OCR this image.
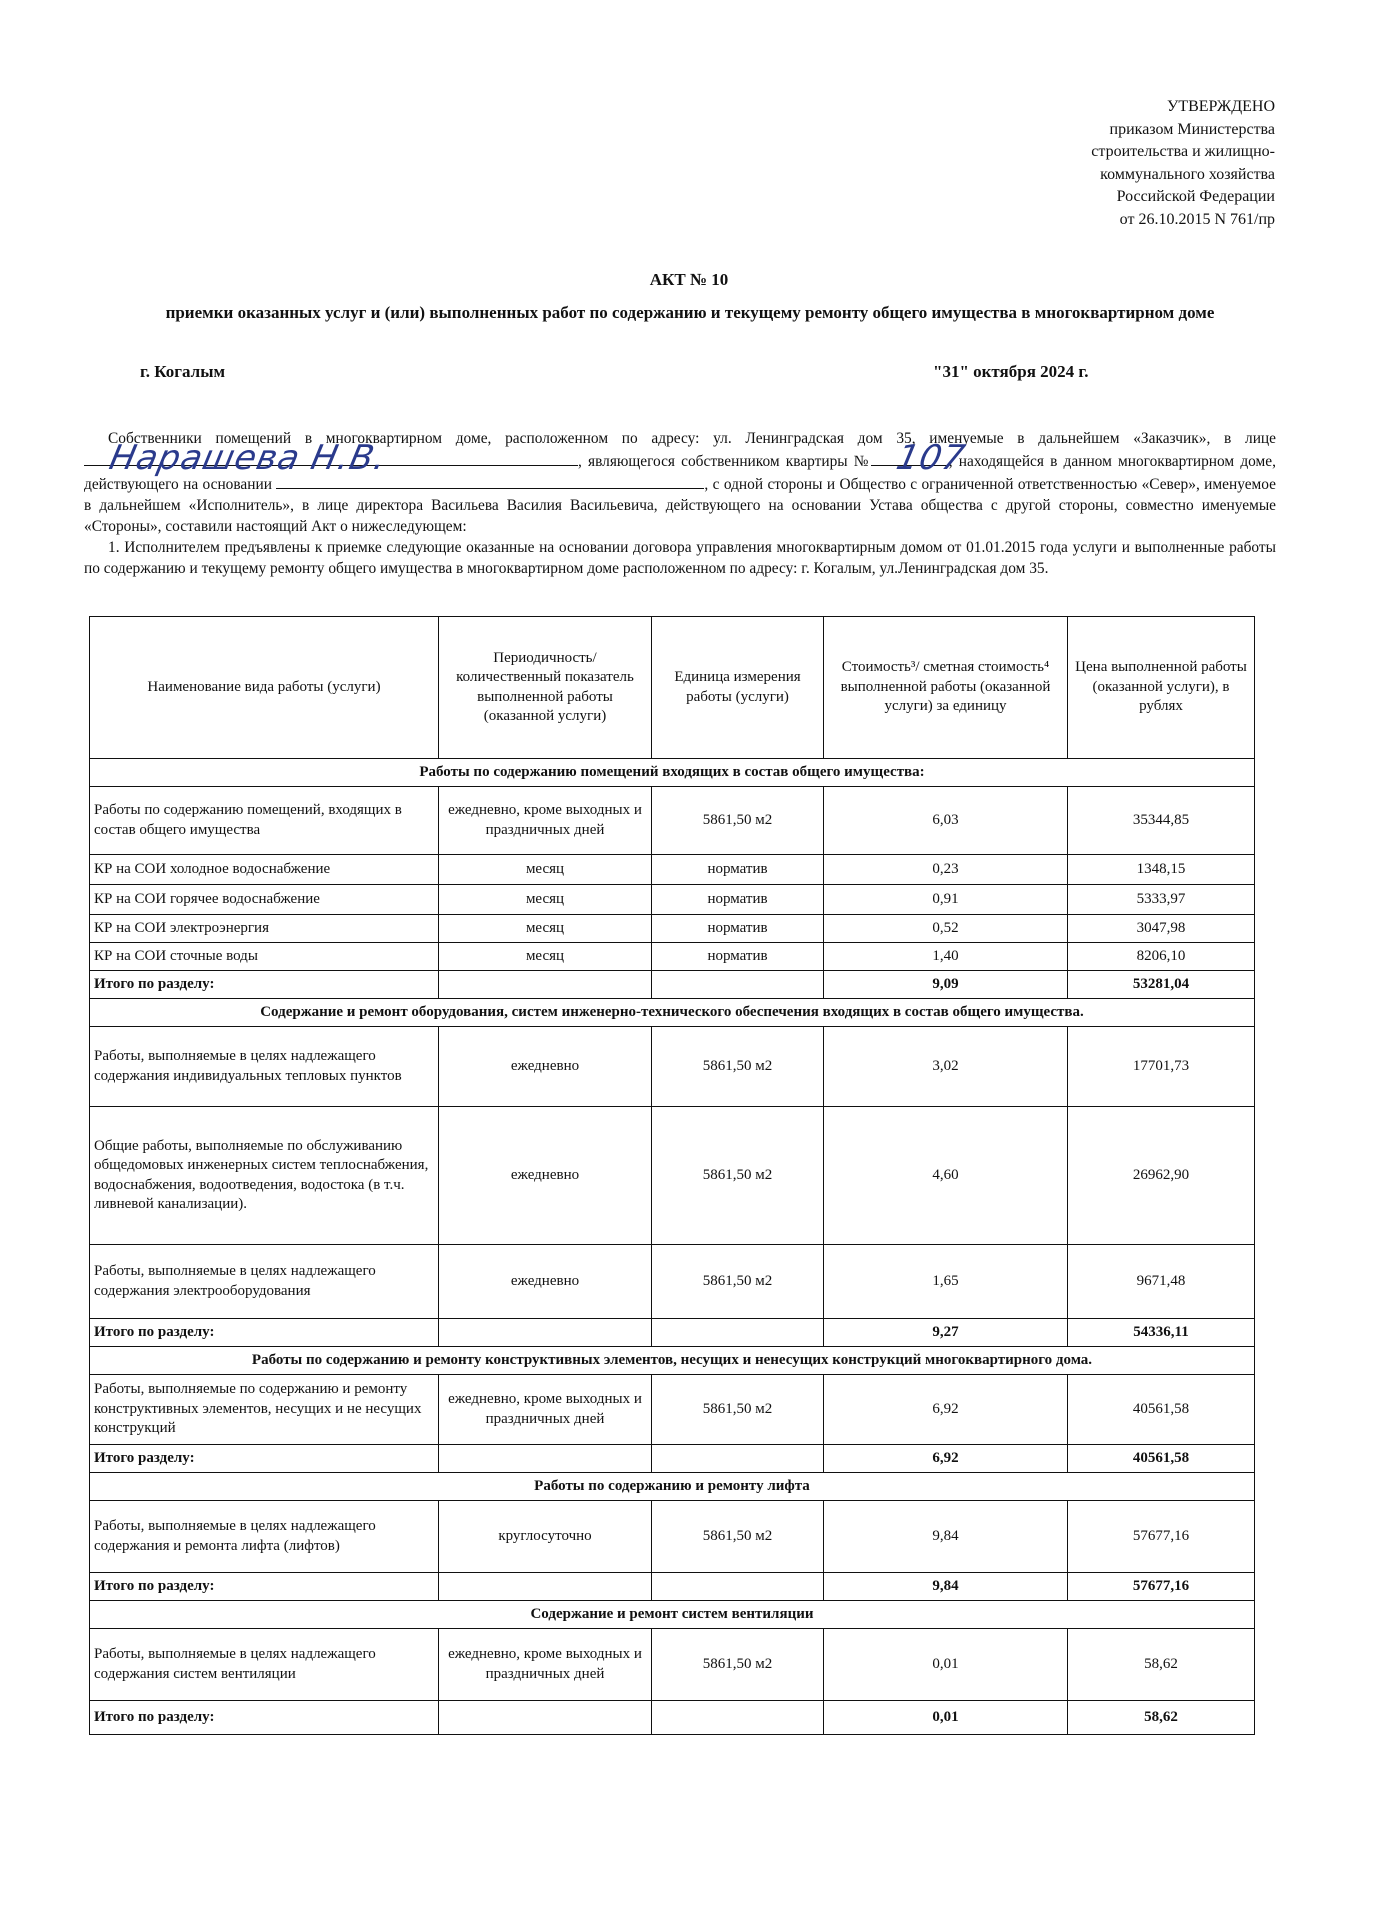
УТВЕРЖДЕНО
приказом Министерства
строительства и жилищно-
коммунального хозяйства
Российской Федерации
от 26.10.2015 N 761/пр
АКТ № 10
приемки оказанных услуг и (или) выполненных работ по содержанию и текущему ремонту общего имущества в многоквартирном доме
г. Когалым	"31" октября 2024 г.

Собственники помещений в многоквартирном доме, расположенном по адресу: ул. Ленинградская дом 35, именуемые в дальнейшем «Заказчик», в лице
Нарашева Н.В.	, являющегося собственником квартиры № 107
, находящейся в данном многоквартирном доме, действующего на основании	, с одной стороны и Общество с ограниченной ответственностью «Север», именуемое в дальнейшем «Исполнитель», в лице директора Васильева Василия Васильевича, действующего на основании Устава общества с другой стороны, совместно именуемые «Стороны», составили настоящий Акт о нижеследующем:

1. Исполнителем предъявлены к приемке следующие оказанные на основании договора управления многоквартирным домом от 01.01.2015 года услуги и выполненные работы по содержанию и текущему ремонту общего имущества в многоквартирном доме расположенном по адресу: г. Когалым, ул.Ленинградская дом 35.

Наименование вида работы (услуги)	Периодичность/ количественный показатель выполненной работы (оказанной услуги)	Единица измерения работы (услуги)	Стоимость³/ сметная стоимость⁴ выполненной работы (оказанной услуги) за единицу	Цена выполненной работы (оказанной услуги), в рублях
Работы по содержанию помещений входящих в состав общего имущества:				
Работы по содержанию помещений, входящих в состав общего имущества	ежедневно, кроме выходных и праздничных дней	5861,50 м2	6,03	35344,85
КР на СОИ холодное водоснабжение	месяц	норматив	0,23	1348,15
КР на СОИ горячее водоснабжение	месяц	норматив	0,91	5333,97
КР на СОИ электроэнергия	месяц	норматив	0,52	3047,98
КР на СОИ сточные воды	месяц	норматив	1,40	8206,10
Итого по разделу:			9,09	53281,04
Содержание и ремонт оборудования, систем инженерно-технического обеспечения входящих в состав общего имущества.				
Работы, выполняемые в целях надлежащего содержания индивидуальных тепловых пунктов	ежедневно	5861,50 м2	3,02	17701,73
Общие работы, выполняемые по обслуживанию общедомовых инженерных систем теплоснабжения, водоснабжения, водоотведения, водостока (в т.ч. ливневой канализации).	ежедневно	5861,50 м2	4,60	26962,90
Работы, выполняемые в целях надлежащего содержания электрооборудования	ежедневно	5861,50 м2	1,65	9671,48
Итого по разделу:			9,27	54336,11
Работы по содержанию и ремонту конструктивных элементов, несущих и ненесущих конструкций многоквартирного дома.				
Работы, выполняемые по содержанию и ремонту конструктивных элементов, несущих и не несущих конструкций	ежедневно, кроме выходных и праздничных дней	5861,50 м2	6,92	40561,58
Итого разделу:			6,92	40561,58
Работы по содержанию и ремонту лифта				
Работы, выполняемые в целях надлежащего содержания и ремонта лифта (лифтов)	круглосуточно	5861,50 м2	9,84	57677,16
Итого по разделу:			9,84	57677,16
Содержание и ремонт систем вентиляции				
Работы, выполняемые в целях надлежащего содержания систем вентиляции	ежедневно, кроме выходных и праздничных дней	5861,50 м2	0,01	58,62
Итого по разделу:			0,01	58,62
